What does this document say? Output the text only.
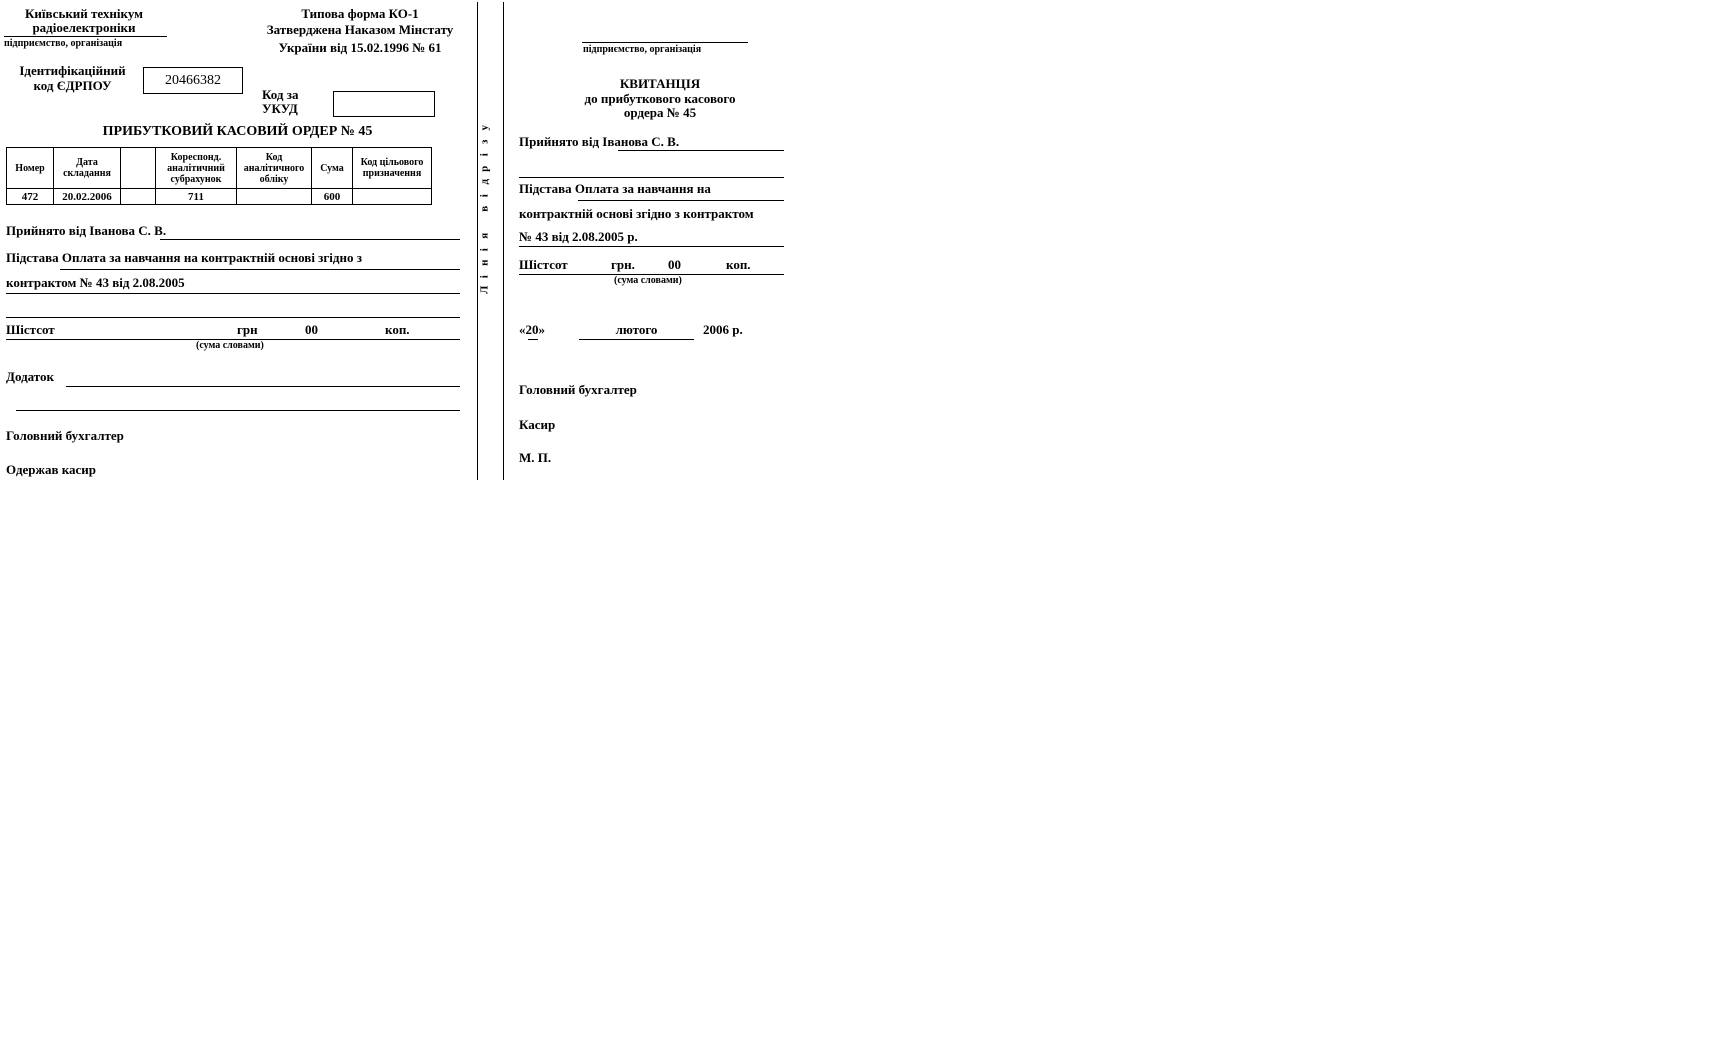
Київський технікум
радіоелектроніки
підприємство, організація
Типова форма КО-1
Затверджена Наказом Мінстату
України від 15.02.1996 № 61
Ідентифікаційний
код ЄДРПОУ	20466382
Код за
УКУД
ПРИБУТКОВИЙ КАСОВИЙ ОРДЕР № 45
Номер	Дата складання		Кореспонд. аналітичний субрахунок	Код аналітичного обліку	Сума	Код цільового призначення
472	20.02.2006		711		600	
Прийнято від Іванова С. В.
Підстава Оплата за навчання на контрактній основі згідно з
контрактом № 43 від 2.08.2005
Шістсот	грн	00	коп.
(сума словами)
Додаток
Головний бухгалтер
Одержав касир
у
з
і
р
д
і
в
я
і
н
і
Л
підприємство, організація
КВИТАНЦІЯ
до прибуткового касового
ордера № 45
Прийнято від Іванова С. В.
Підстава Оплата за навчання на
контрактній основі згідно з контрактом
№ 43 від 2.08.2005 р.
Шістсот	грн.	00	коп.
(сума словами)
«20»	лютого	2006 р.
Головний бухгалтер
Касир
М. П.
